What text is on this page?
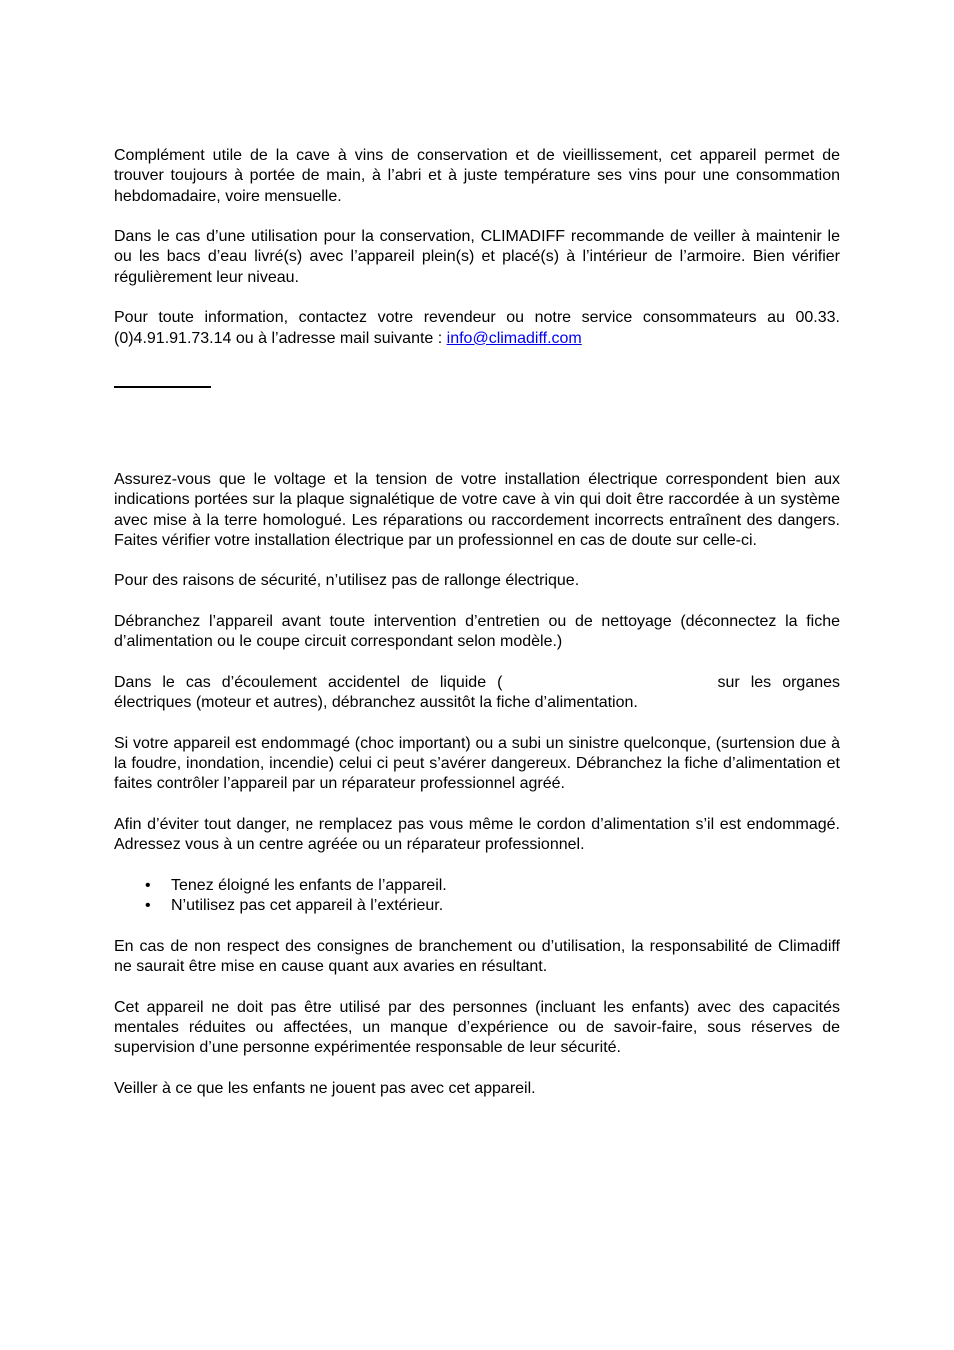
Complément utile de la cave à vins de conservation et de vieillissement, cet appareil permet de trouver toujours à portée de main, à l’abri et à juste température ses vins pour une consommation hebdomadaire, voire mensuelle.

Dans le cas d’une utilisation pour la conservation, CLIMADIFF recommande de veiller à maintenir le ou les bacs d’eau livré(s) avec l’appareil plein(s) et placé(s) à l’intérieur de l’armoire. Bien vérifier régulièrement leur niveau.

Pour toute information, contactez votre revendeur ou notre service consommateurs au 00.33.(0)4.91.91.73.14 ou à l’adresse mail suivante : info@climadiff.com

Assurez-vous que le voltage et la tension de votre installation électrique correspondent bien aux indications portées sur la plaque signalétique de votre cave à vin qui doit être raccordée à un système avec mise à la terre homologué. Les réparations ou raccordement incorrects entraînent des dangers. Faites vérifier votre installation électrique par un professionnel en cas de doute sur celle-ci.

Pour des raisons de sécurité, n’utilisez pas de rallonge électrique.

Débranchez l’appareil avant toute intervention d’entretien ou de nettoyage (déconnectez la fiche d’alimentation ou le coupe circuit correspondant selon modèle.)

Dans le cas d’écoulement accidentel de liquide (	sur les organes électriques (moteur et autres), débranchez aussitôt la fiche d’alimentation.

Si votre appareil est endommagé (choc important) ou a subi un sinistre quelconque, (surtension due à la foudre, inondation, incendie) celui ci peut s’avérer dangereux. Débranchez la fiche d’alimentation et faites contrôler l’appareil par un réparateur professionnel agréé.

Afin d’éviter tout danger, ne remplacez pas vous même le cordon d’alimentation s’il est endommagé. Adressez vous à un centre agréée ou un réparateur professionnel.

• Tenez éloigné les enfants de l’appareil.
• N’utilisez pas cet appareil à l’extérieur.

En cas de non respect des consignes de branchement ou d’utilisation, la responsabilité de Climadiff ne saurait être mise en cause quant aux avaries en résultant.

Cet appareil ne doit pas être utilisé par des personnes (incluant les enfants) avec des capacités mentales réduites ou affectées, un manque d’expérience ou de savoir-faire, sous réserves de supervision d’une personne expérimentée responsable de leur sécurité.

Veiller à ce que les enfants ne jouent pas avec cet appareil.
